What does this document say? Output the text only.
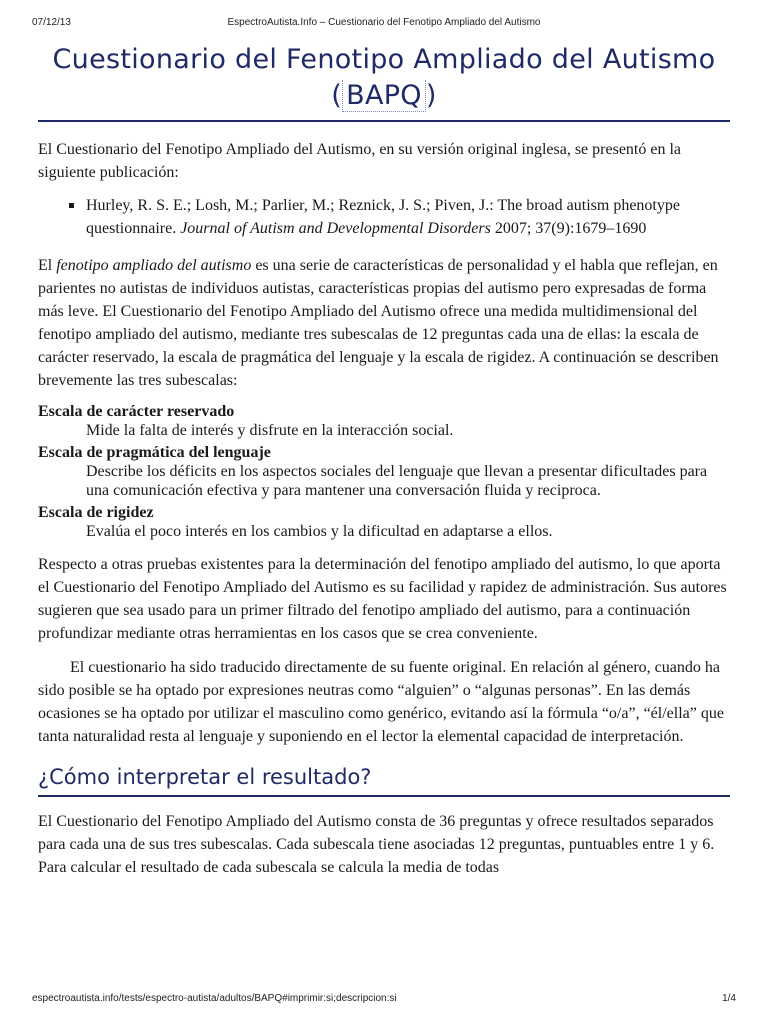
07/12/13	EspectroAutista.Info – Cuestionario del Fenotipo Ampliado del Autismo
Cuestionario del Fenotipo Ampliado del Autismo
( BAPQ )

El Cuestionario del Fenotipo Ampliado del Autismo, en su versión original inglesa, se presentó en la siguiente publicación:

Hurley, R. S. E.; Losh, M.; Parlier, M.; Reznick, J. S.; Piven, J.: The broad autism phenotype questionnaire. Journal of Autism and Developmental Disorders 2007; 37(9):1679–1690

El fenotipo ampliado del autismo es una serie de características de personalidad y el habla que reflejan, en parientes no autistas de individuos autistas, características propias del autismo pero expresadas de forma más leve. El Cuestionario del Fenotipo Ampliado del Autismo ofrece una medida multidimensional del fenotipo ampliado del autismo, mediante tres subescalas de 12 preguntas cada una de ellas: la escala de carácter reservado, la escala de pragmática del lenguaje y la escala de rigidez. A continuación se describen brevemente las tres subescalas:

Escala de carácter reservado
Mide la falta de interés y disfrute en la interacción social.
Escala de pragmática del lenguaje
Describe los déficits en los aspectos sociales del lenguaje que llevan a presentar dificultades para una comunicación efectiva y para mantener una conversación fluida y reciproca.
Escala de rigidez
Evalúa el poco interés en los cambios y la dificultad en adaptarse a ellos.

Respecto a otras pruebas existentes para la determinación del fenotipo ampliado del autismo, lo que aporta el Cuestionario del Fenotipo Ampliado del Autismo es su facilidad y rapidez de administración. Sus autores sugieren que sea usado para un primer filtrado del fenotipo ampliado del autismo, para a continuación profundizar mediante otras herramientas en los casos que se crea conveniente.

El cuestionario ha sido traducido directamente de su fuente original. En relación al género, cuando ha sido posible se ha optado por expresiones neutras como “alguien” o “algunas personas”. En las demás ocasiones se ha optado por utilizar el masculino como genérico, evitando así la fórmula “o/a”, “él/ella” que tanta naturalidad resta al lenguaje y suponiendo en el lector la elemental capacidad de interpretación.

¿Cómo interpretar el resultado?

El Cuestionario del Fenotipo Ampliado del Autismo consta de 36 preguntas y ofrece resultados separados para cada una de sus tres subescalas. Cada subescala tiene asociadas 12 preguntas, puntuables entre 1 y 6. Para calcular el resultado de cada subescala se calcula la media de todas

espectroautista.info/tests/espectro-autista/adultos/BAPQ#imprimir:si;descripcion:si	1/4
